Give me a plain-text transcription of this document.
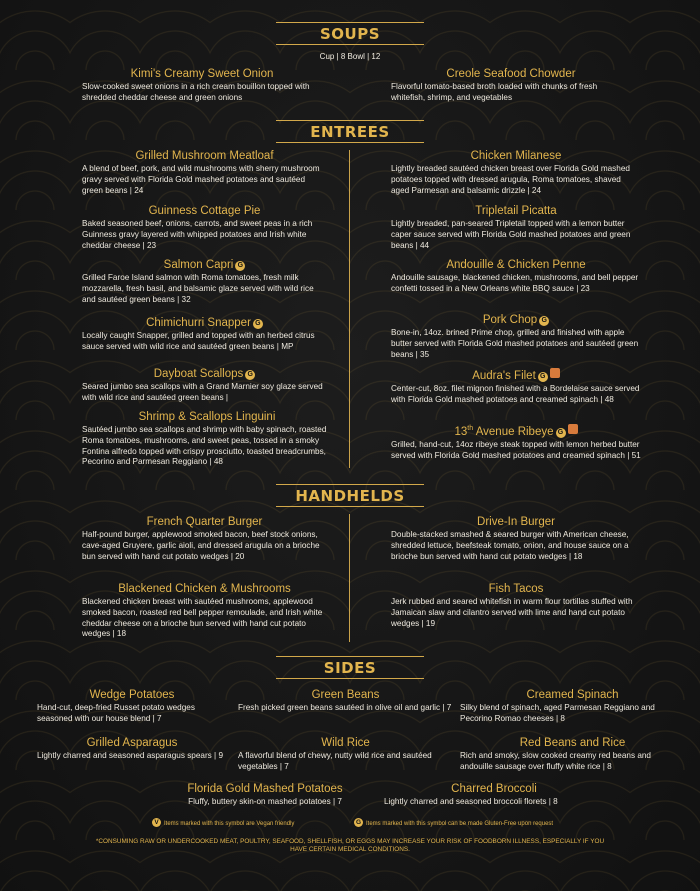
SOUPS
Cup | 8 Bowl | 12
Kimi's Creamy Sweet Onion
Slow-cooked sweet onions in a rich cream bouillon topped with shredded cheddar cheese and green onions
Creole Seafood Chowder
Flavorful tomato-based broth loaded with chunks of fresh whitefish, shrimp, and vegetables
ENTREES
Grilled Mushroom Meatloaf
A blend of beef, pork, and wild mushrooms with sherry mushroom gravy served with Florida Gold mashed potatoes and sautéed green beans | 24
Guinness Cottage Pie
Baked seasoned beef, onions, carrots, and sweet peas in a rich Guinness gravy layered with whipped potatoes and Irish white cheddar cheese | 23
Salmon Capri G
Grilled Faroe Island salmon with Roma tomatoes, fresh milk mozzarella, fresh basil, and balsamic glaze served with wild rice and sautéed green beans | 32
Chimichurri Snapper G
Locally caught Snapper, grilled and topped with an herbed citrus sauce served with wild rice and sautéed green beans | MP
Dayboat Scallops G
Seared jumbo sea scallops with a Grand Marnier soy glaze served with wild rice and sautéed green beans |
Shrimp & Scallops Linguini
Sautéed jumbo sea scallops and shrimp with baby spinach, roasted Roma tomatoes, mushrooms, and sweet peas, tossed in a smoky Fontina alfredo topped with crispy prosciutto, toasted breadcrumbs, Pecorino and Parmesan Reggiano | 48
Chicken Milanese
Lightly breaded sautéed chicken breast over Florida Gold mashed potatoes topped with dressed arugula, Roma tomatoes, shaved aged Parmesan and balsamic drizzle | 24
Tripletail Picatta
Lightly breaded, pan-seared Tripletail topped with a lemon butter caper sauce served with Florida Gold mashed potatoes and green beans | 44
Andouille & Chicken Penne
Andouille sausage, blackened chicken, mushrooms, and bell pepper confetti tossed in a New Orleans white BBQ sauce | 23
Pork Chop G
Bone-in, 14oz. brined Prime chop, grilled and finished with apple butter served with Florida Gold mashed potatoes and sautéed green beans | 35
Audra's Filet G
Center-cut, 8oz. filet mignon finished with a Bordelaise sauce served with Florida Gold mashed potatoes and creamed spinach | 48
13th Avenue Ribeye G
Grilled, hand-cut, 14oz ribeye steak topped with lemon herbed butter served with Florida Gold mashed potatoes and creamed spinach | 51
HANDHELDS
French Quarter Burger
Half-pound burger, applewood smoked bacon, beef stock onions, cave-aged Gruyere, garlic aioli, and dressed arugula on a brioche bun served with hand cut potato wedges | 20
Blackened Chicken & Mushrooms
Blackened chicken breast with sautéed mushrooms, applewood smoked bacon, roasted red bell pepper remoulade, and Irish white cheddar cheese on a brioche bun served with hand cut potato wedges | 18
Drive-In Burger
Double-stacked smashed & seared burger with American cheese, shredded lettuce, beefsteak tomato, onion, and house sauce on a brioche bun served with hand cut potato wedges | 18
Fish Tacos
Jerk rubbed and seared whitefish in warm flour tortillas stuffed with Jamaican slaw and cilantro served with lime and hand cut potato wedges | 19
SIDES
Wedge Potatoes
Hand-cut, deep-fried Russet potato wedges seasoned with our house blend | 7
Green Beans
Fresh picked green beans sautéed in olive oil and garlic | 7
Creamed Spinach
Silky blend of spinach, aged Parmesan Reggiano and Pecorino Romao cheeses | 8
Grilled Asparagus
Lightly charred and seasoned asparagus spears | 9
Wild Rice
A flavorful blend of chewy, nutty wild rice and sautéed vegetables | 7
Red Beans and Rice
Rich and smoky, slow cooked creamy red beans and andouille sausage over fluffy white rice | 8
Florida Gold Mashed Potatoes
Fluffy, buttery skin-on mashed potatoes | 7
Charred Broccoli
Lightly charred and seasoned broccoli florets | 8
V Items marked with this symbol are Vegan friendly	G Items marked with this symbol can be made Gluten-Free upon request
*CONSUMING RAW OR UNDERCOOKED MEAT, POULTRY, SEAFOOD, SHELLFISH, OR EGGS MAY INCREASE YOUR RISK OF FOODBORN ILLNESS, ESPECIALLY IF YOU HAVE CERTAIN MEDICAL CONDITIONS.
